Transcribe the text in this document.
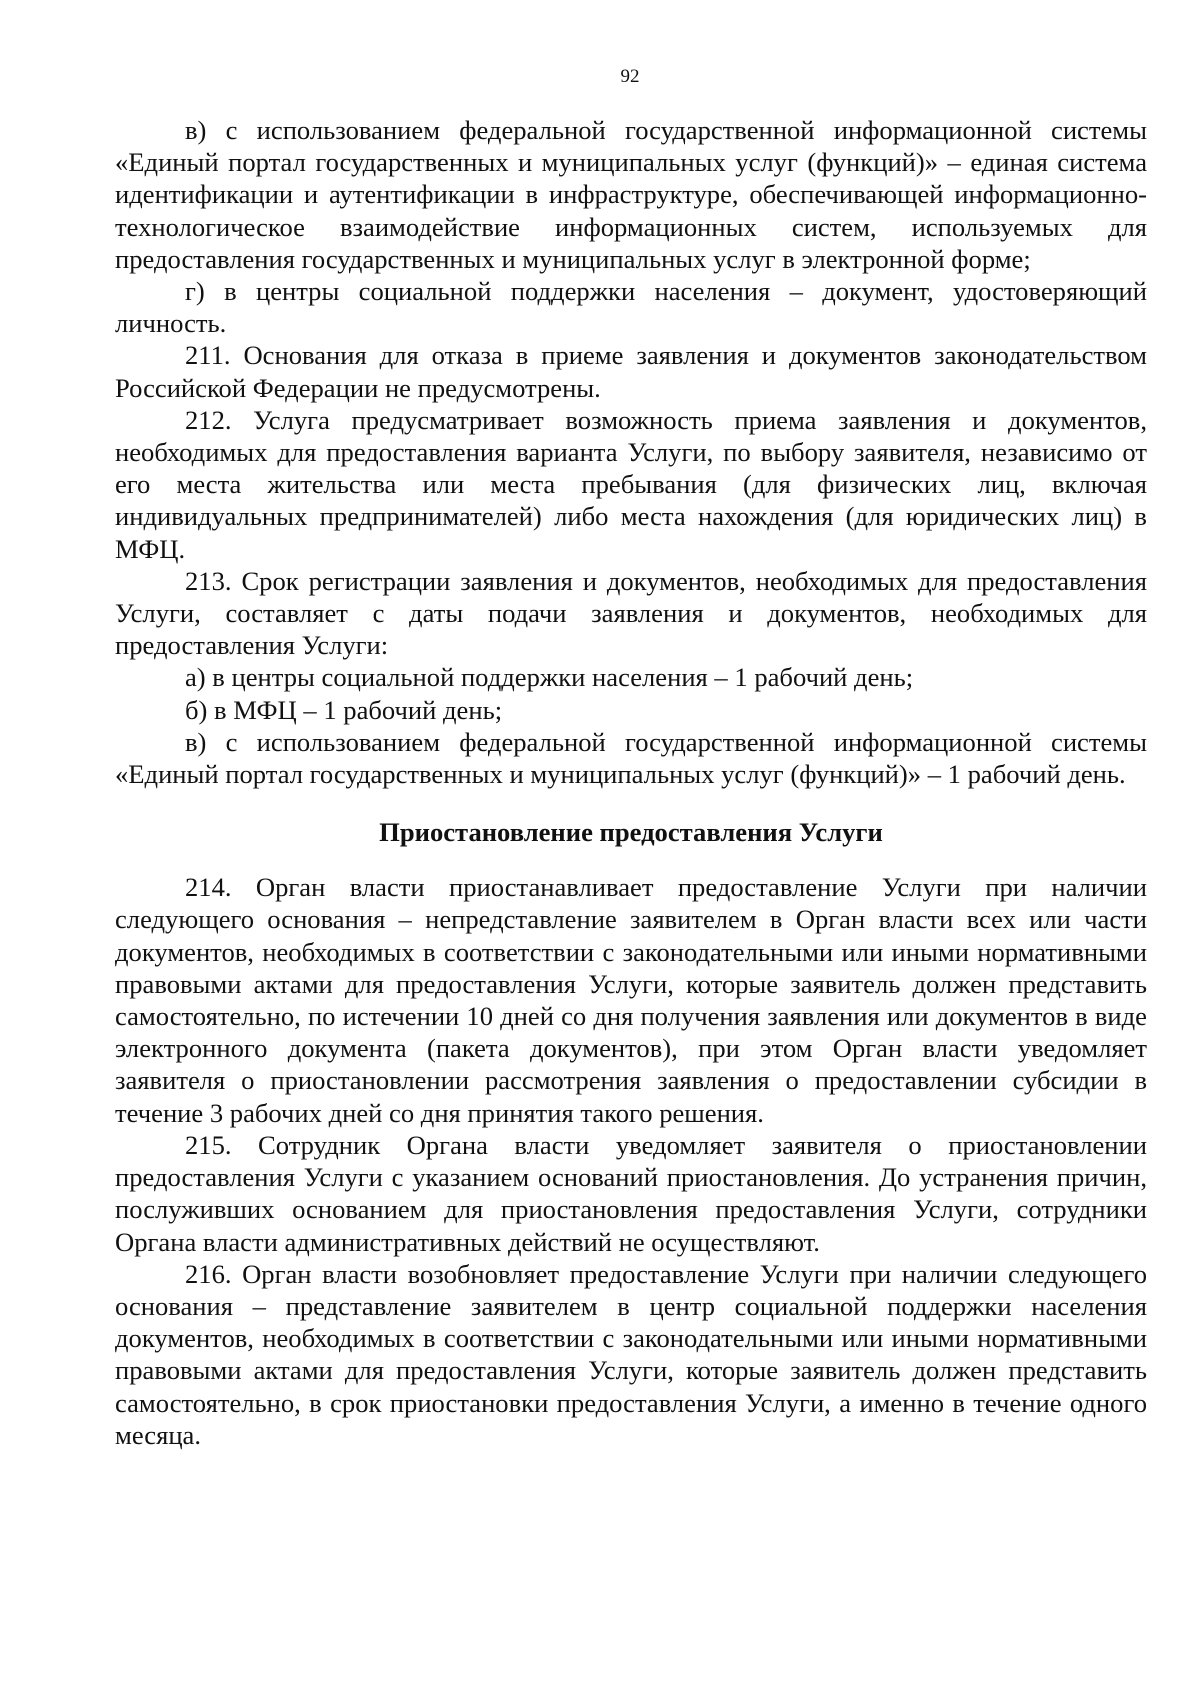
92

в) с использованием федеральной государственной информационной системы «Единый портал государственных и муниципальных услуг (функций)» – единая система идентификации и аутентификации в инфраструктуре, обеспечивающей информационно-технологическое взаимодействие информационных систем, используемых для предоставления государственных и муниципальных услуг в электронной форме;

г) в центры социальной поддержки населения – документ, удостоверяющий личность.

211. Основания для отказа в приеме заявления и документов законодательством Российской Федерации не предусмотрены.

212. Услуга предусматривает возможность приема заявления и документов, необходимых для предоставления варианта Услуги, по выбору заявителя, независимо от его места жительства или места пребывания (для физических лиц, включая индивидуальных предпринимателей) либо места нахождения (для юридических лиц) в МФЦ.

213. Срок регистрации заявления и документов, необходимых для предоставления Услуги, составляет с даты подачи заявления и документов, необходимых для предоставления Услуги:

а) в центры социальной поддержки населения – 1 рабочий день;

б) в МФЦ – 1 рабочий день;

в) с использованием федеральной государственной информационной системы «Единый портал государственных и муниципальных услуг (функций)» – 1 рабочий день.

Приостановление предоставления Услуги

214. Орган власти приостанавливает предоставление Услуги при наличии следующего основания – непредставление заявителем в Орган власти всех или части документов, необходимых в соответствии с законодательными или иными нормативными правовыми актами для предоставления Услуги, которые заявитель должен представить самостоятельно, по истечении 10 дней со дня получения заявления или документов в виде электронного документа (пакета документов), при этом Орган власти уведомляет заявителя о приостановлении рассмотрения заявления о предоставлении субсидии в течение 3 рабочих дней со дня принятия такого решения.

215. Сотрудник Органа власти уведомляет заявителя о приостановлении предоставления Услуги с указанием оснований приостановления. До устранения причин, послуживших основанием для приостановления предоставления Услуги, сотрудники Органа власти административных действий не осуществляют.

216. Орган власти возобновляет предоставление Услуги при наличии следующего основания – представление заявителем в центр социальной поддержки населения документов, необходимых в соответствии с законодательными или иными нормативными правовыми актами для предоставления Услуги, которые заявитель должен представить самостоятельно, в срок приостановки предоставления Услуги, а именно в течение одного месяца.
